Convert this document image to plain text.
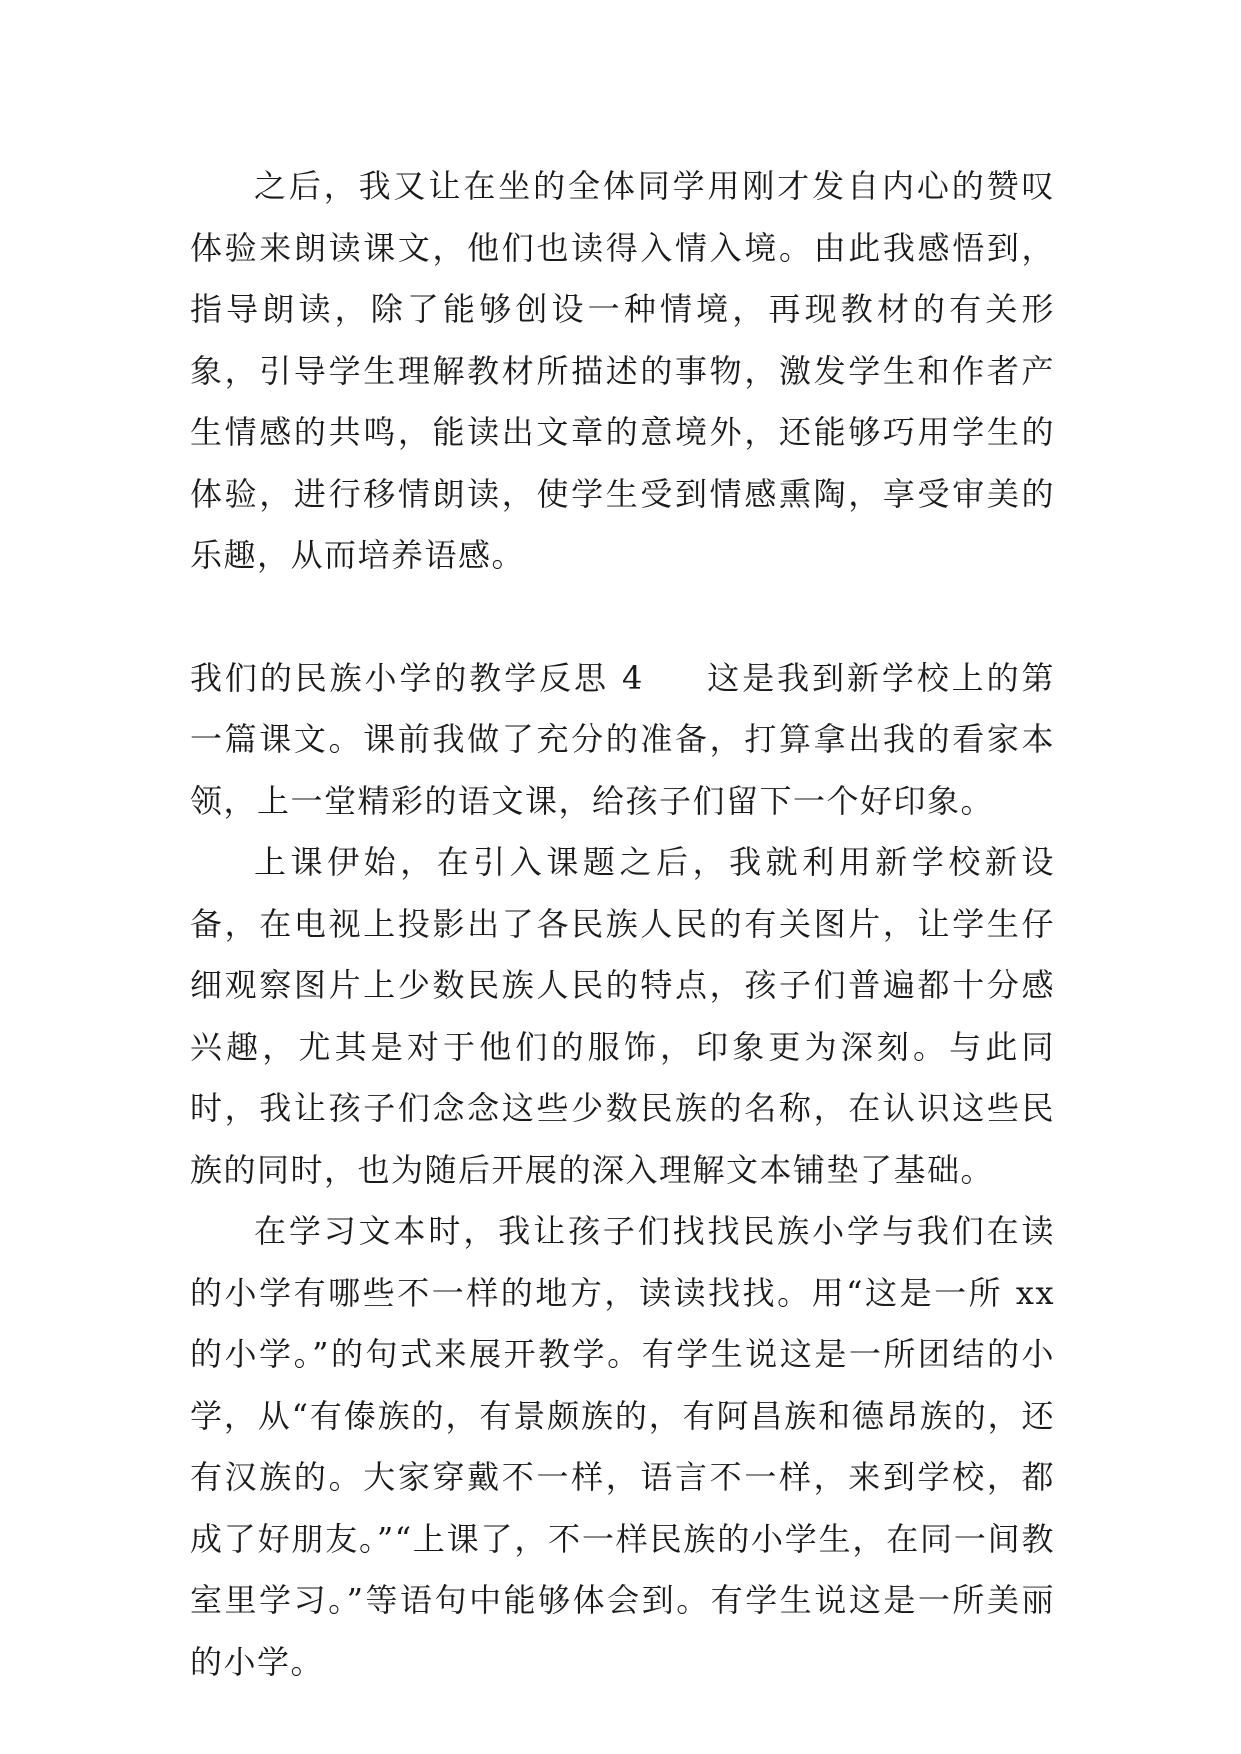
之后，我又让在坐的全体同学用刚才发自内心的赞叹体验来朗读课文，他们也读得入情入境。由此我感悟到，指导朗读，除了能够创设一种情境，再现教材的有关形象，引导学生理解教材所描述的事物，激发学生和作者产生情感的共鸣，能读出文章的意境外，还能够巧用学生的体验，进行移情朗读，使学生受到情感熏陶，享受审美的乐趣，从而培养语感。

我们的民族小学的教学反思 4 这是我到新学校上的第一篇课文。课前我做了充分的准备，打算拿出我的看家本领，上一堂精彩的语文课，给孩子们留下一个好印象。

上课伊始，在引入课题之后，我就利用新学校新设备，在电视上投影出了各民族人民的有关图片，让学生仔细观察图片上少数民族人民的特点，孩子们普遍都十分感兴趣，尤其是对于他们的服饰，印象更为深刻。与此同时，我让孩子们念念这些少数民族的名称，在认识这些民族的同时，也为随后开展的深入理解文本铺垫了基础。

在学习文本时，我让孩子们找找民族小学与我们在读的小学有哪些不一样的地方，读读找找。用“这是一所 xx 的小学。”的句式来展开教学。有学生说这是一所团结的小学，从“有傣族的，有景颇族的，有阿昌族和德昂族的，还有汉族的。大家穿戴不一样，语言不一样，来到学校，都成了好朋友。”“上课了，不一样民族的小学生，在同一间教室里学习。”等语句中能够体会到。有学生说这是一所美丽的小学。
